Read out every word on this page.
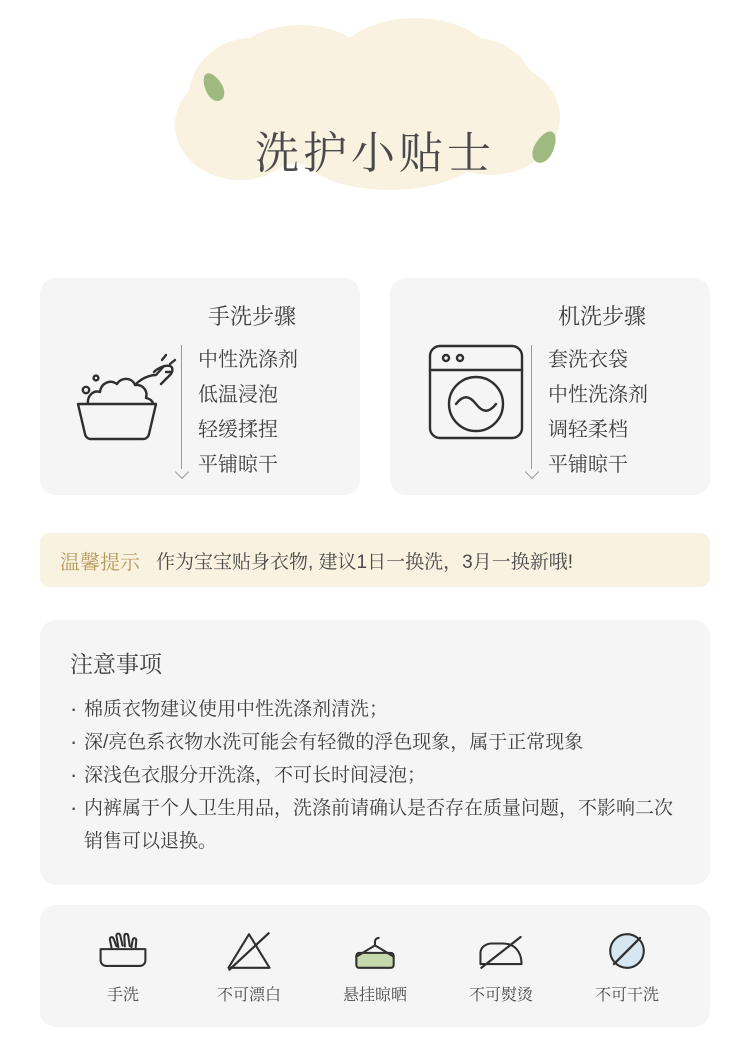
洗护小贴士
手洗步骤
中性洗涤剂
低温浸泡
轻缓揉捏
平铺晾干
机洗步骤
套洗衣袋
中性洗涤剂
调轻柔档
平铺晾干
温馨提示 作为宝宝贴身衣物, 建议1日一换洗，3月一换新哦!
注意事项
· 棉质衣物建议使用中性洗涤剂清洗；
· 深/亮色系衣物水洗可能会有轻微的浮色现象，属于正常现象
· 深浅色衣服分开洗涤，不可长时间浸泡；
· 内裤属于个人卫生用品，洗涤前请确认是否存在质量问题，不影响二次销售可以退换。
手洗	不可漂白	悬挂晾晒	不可熨烫	不可干洗
